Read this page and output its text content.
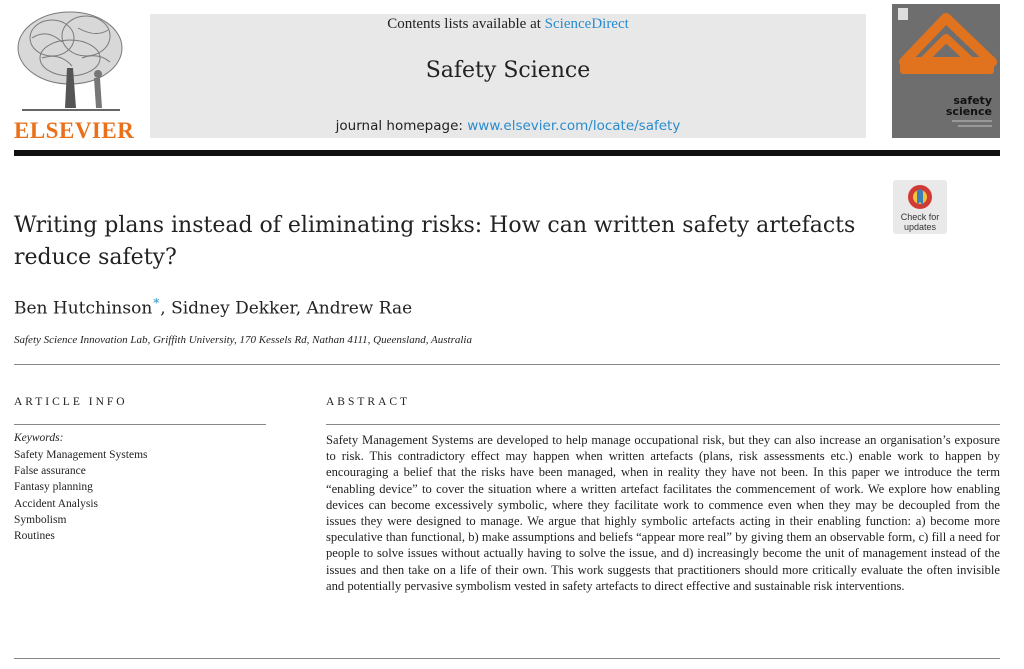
ELSEVIER
Contents lists available at ScienceDirect
Safety Science
journal homepage: www.elsevier.com/locate/safety
safety
science
Check for
updates
Writing plans instead of eliminating risks: How can written safety artefacts reduce safety?
Ben Hutchinson*, Sidney Dekker, Andrew Rae
Safety Science Innovation Lab, Griffith University, 170 Kessels Rd, Nathan 4111, Queensland, Australia
ARTICLE INFO
Keywords:
Safety Management Systems
False assurance
Fantasy planning
Accident Analysis
Symbolism
Routines
ABSTRACT

Safety Management Systems are developed to help manage occupational risk, but they can also increase an organisation’s exposure to risk. This contradictory effect may happen when written artefacts (plans, risk assessments etc.) enable work to happen by encouraging a belief that the risks have been managed, when in reality they have not been. In this paper we introduce the term “enabling device” to cover the situation where a written artefact facilitates the commencement of work. We explore how enabling devices can become excessively symbolic, where they facilitate work to commence even when they may be decoupled from the issues they were designed to manage. We argue that highly symbolic artefacts acting in their enabling function: a) become more speculative than functional, b) make assumptions and beliefs “appear more real” by giving them an observable form, c) fill a need for people to solve issues without actually having to solve the issue, and d) increasingly become the unit of management instead of the issues and then take on a life of their own. This work suggests that practitioners should more critically evaluate the often invisible and potentially pervasive symbolism vested in safety artefacts to direct effective and sustainable risk interventions.
